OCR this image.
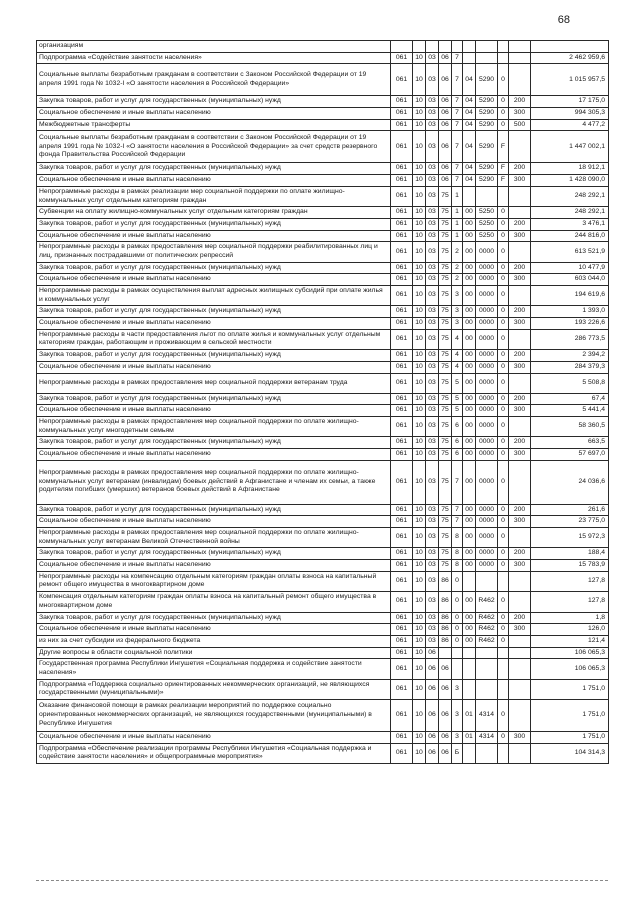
68
организациям										
Подпрограмма «Содействие занятости населения»	061	10	03	06	7					2 462 959,6
Социальные выплаты безработным гражданам в соответствии с Законом Российской Федерации от 19 апреля 1991 года № 1032-I «О занятости населения в Российской Федерации»	061	10	03	06	7	04	5290	0		1 015 957,5
Закупка товаров, работ и услуг для государственных (муниципальных) нужд	061	10	03	06	7	04	5290	0	200	17 175,0
Социальное обеспечение и иные выплаты населению	061	10	03	06	7	04	5290	0	300	994 305,3
Межбюджетные трансферты	061	10	03	06	7	04	5290	0	500	4 477,2
Социальные выплаты безработным гражданам в соответствии с Законом Российской Федерации от 19 апреля 1991 года № 1032-I «О занятости населения в Российской Федерации» за счет средств резервного фонда Правительства Российской Федерации	061	10	03	06	7	04	5290	F		1 447 002,1
Закупка товаров, работ и услуг для государственных (муниципальных) нужд	061	10	03	06	7	04	5290	F	200	18 912,1
Социальное обеспечение и иные выплаты населению	061	10	03	06	7	04	5290	F	300	1 428 090,0
Непрограммные расходы в рамках реализации мер социальной поддержки по оплате жилищно-коммунальных услуг отдельным категориям граждан	061	10	03	75	1					248 292,1
Субвенции на оплату жилищно-коммунальных услуг отдельным категориям граждан	061	10	03	75	1	00	5250	0		248 292,1
Закупка товаров, работ и услуг для государственных (муниципальных) нужд	061	10	03	75	1	00	5250	0	200	3 476,1
Социальное обеспечение и иные выплаты населению	061	10	03	75	1	00	5250	0	300	244 816,0
Непрограммные расходы в рамках предоставления мер социальной поддержки реабилитированных лиц и лиц, признанных пострадавшими от политических репрессий	061	10	03	75	2	00	0000	0		613 521,9
Закупка товаров, работ и услуг для государственных (муниципальных) нужд	061	10	03	75	2	00	0000	0	200	10 477,9
Социальное обеспечение и иные выплаты населению	061	10	03	75	2	00	0000	0	300	603 044,0
Непрограммные расходы в рамках осуществления выплат адресных жилищных субсидий при оплате жилья и коммунальных услуг	061	10	03	75	3	00	0000	0		194 619,6
Закупка товаров, работ и услуг для государственных (муниципальных) нужд	061	10	03	75	3	00	0000	0	200	1 393,0
Социальное обеспечение и иные выплаты населению	061	10	03	75	3	00	0000	0	300	193 226,6
Непрограммные расходы в части предоставления льгот по оплате жилья и коммунальных услуг отдельным категориям граждан, работающим и проживающим в сельской местности	061	10	03	75	4	00	0000	0		286 773,5
Закупка товаров, работ и услуг для государственных (муниципальных) нужд	061	10	03	75	4	00	0000	0	200	2 394,2
Социальное обеспечение и иные выплаты населению	061	10	03	75	4	00	0000	0	300	284 379,3
Непрограммные расходы в рамках предоставления мер социальной поддержки ветеранам труда	061	10	03	75	5	00	0000	0		5 508,8
Закупка товаров, работ и услуг для государственных (муниципальных) нужд	061	10	03	75	5	00	0000	0	200	67,4
Социальное обеспечение и иные выплаты населению	061	10	03	75	5	00	0000	0	300	5 441,4
Непрограммные расходы в рамках предоставления мер социальной поддержки по оплате жилищно-коммунальных услуг многодетным семьям	061	10	03	75	6	00	0000	0		58 360,5
Закупка товаров, работ и услуг для государственных (муниципальных) нужд	061	10	03	75	6	00	0000	0	200	663,5
Социальное обеспечение и иные выплаты населению	061	10	03	75	6	00	0000	0	300	57 697,0
Непрограммные расходы в рамках предоставления мер социальной поддержки по оплате жилищно-коммунальных услуг ветеранам (инвалидам) боевых действий в Афганистане и членам их семьи, а также родителям погибших (умерших) ветеранов боевых действий в Афганистане	061	10	03	75	7	00	0000	0		24 036,6
Закупка товаров, работ и услуг для государственных (муниципальных) нужд	061	10	03	75	7	00	0000	0	200	261,6
Социальное обеспечение и иные выплаты населению	061	10	03	75	7	00	0000	0	300	23 775,0
Непрограммные расходы в рамках предоставления мер социальной поддержки по оплате жилищно-коммунальных услуг ветеранам Великой Отечественной войны	061	10	03	75	8	00	0000	0		15 972,3
Закупка товаров, работ и услуг для государственных (муниципальных) нужд	061	10	03	75	8	00	0000	0	200	188,4
Социальное обеспечение и иные выплаты населению	061	10	03	75	8	00	0000	0	300	15 783,9
Непрограммные расходы на компенсацию отдельным категориям граждан оплаты взноса на капитальный ремонт общего имущества в многоквартирном доме	061	10	03	86	0					127,8
Компенсация отдельным категориям граждан оплаты взноса на капитальный ремонт общего имущества в многоквартирном доме	061	10	03	86	0	00	R462	0		127,8
Закупка товаров, работ и услуг для государственных (муниципальных) нужд	061	10	03	86	0	00	R462	0	200	1,8
Социальное обеспечение и иные выплаты населению	061	10	03	86	0	00	R462	0	300	126,0
из них за счет субсидии из федерального бюджета	061	10	03	86	0	00	R462	0		121,4
Другие вопросы в области социальной политики	061	10	06							106 065,3
Государственная программа Республики Ингушетия «Социальная поддержка и содействие занятости населения»	061	10	06	06						106 065,3
Подпрограмма «Поддержка социально ориентированных некоммерческих организаций, не являющихся государственными (муниципальными)»	061	10	06	06	3					1 751,0
Оказание финансовой помощи в рамках реализации мероприятий по поддержке социально ориентированных некоммерческих организаций, не являющихся государственными (муниципальными) в Республике Ингушетия	061	10	06	06	3	01	4314	0		1 751,0
Социальное обеспечение и иные выплаты населению	061	10	06	06	3	01	4314	0	300	1 751,0
Подпрограмма «Обеспечение реализации программы Республики Ингушетия «Социальная поддержка и содействие занятости населения» и общепрограммные мероприятия»	061	10	06	06	Б					104 314,3
